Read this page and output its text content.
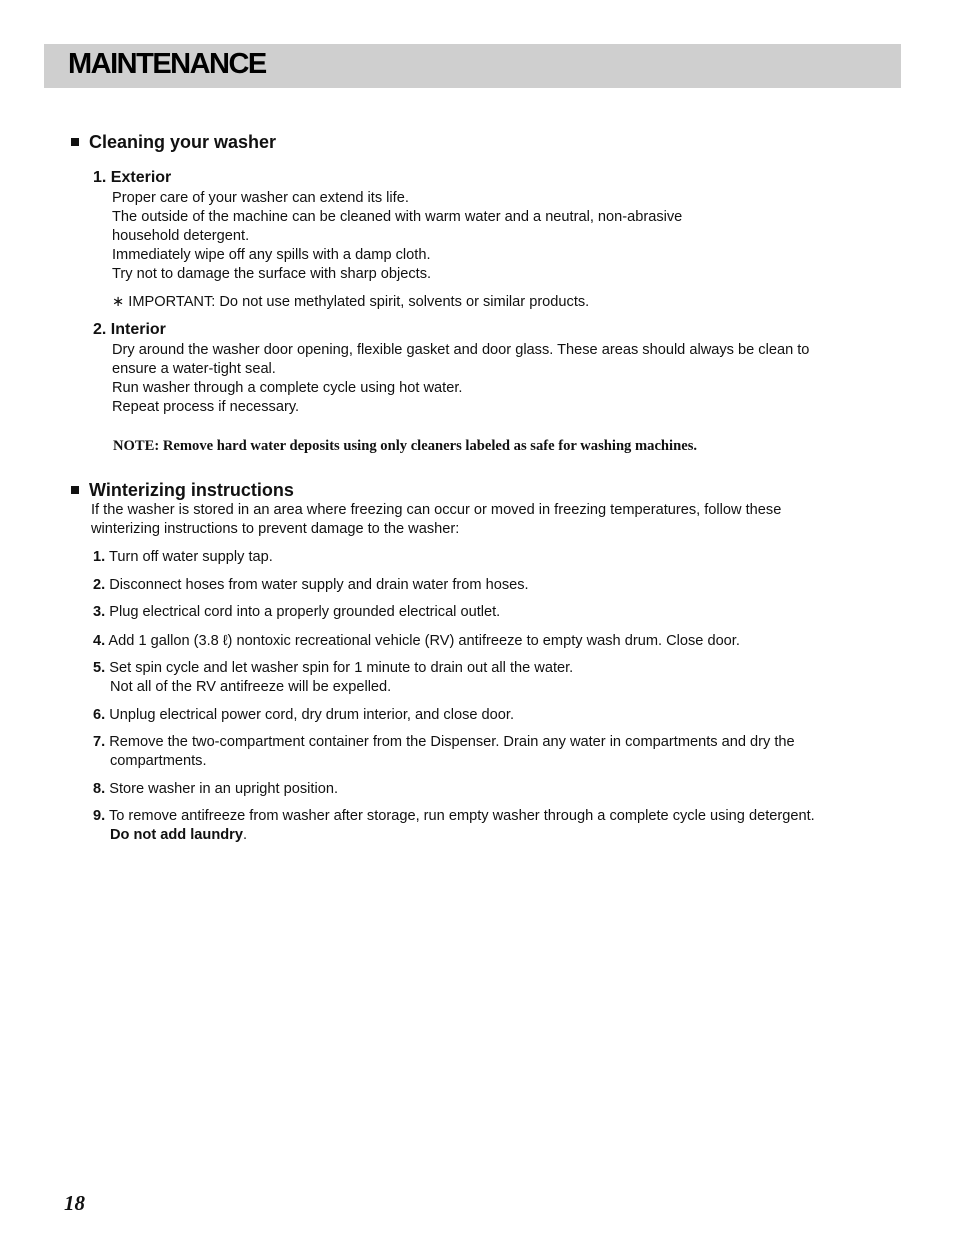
MAINTENANCE
Cleaning your washer
1. Exterior
Proper care of your washer can extend its life.
The outside of the machine can be cleaned with warm water and a neutral, non-abrasive
household detergent.
Immediately wipe off any spills with a damp cloth.
Try not to damage the surface with sharp objects.
∗ IMPORTANT: Do not use methylated spirit, solvents or similar products.
2. Interior
Dry around the washer door opening, flexible gasket and door glass. These areas should always be clean to
ensure a water-tight seal.
Run washer through a complete cycle using hot water.
Repeat process if necessary.
NOTE: Remove hard water deposits using only cleaners labeled as safe for washing machines.
Winterizing instructions
If the washer is stored in an area where freezing can occur or moved in freezing temperatures, follow these
winterizing instructions to prevent damage to the washer:
1. Turn off water supply tap.
2. Disconnect hoses from water supply and drain water from hoses.
3. Plug electrical cord into a properly grounded electrical outlet.
4. Add 1 gallon (3.8 ℓ) nontoxic recreational vehicle (RV) antifreeze to empty wash drum. Close door.
5. Set spin cycle and let washer spin for 1 minute to drain out all the water.
Not all of the RV antifreeze will be expelled.
6. Unplug electrical power cord, dry drum interior, and close door.
7. Remove the two-compartment container from the Dispenser. Drain any water in compartments and dry the
compartments.
8. Store washer in an upright position.
9. To remove antifreeze from washer after storage, run empty washer through a complete cycle using detergent.
Do not add laundry.
18
